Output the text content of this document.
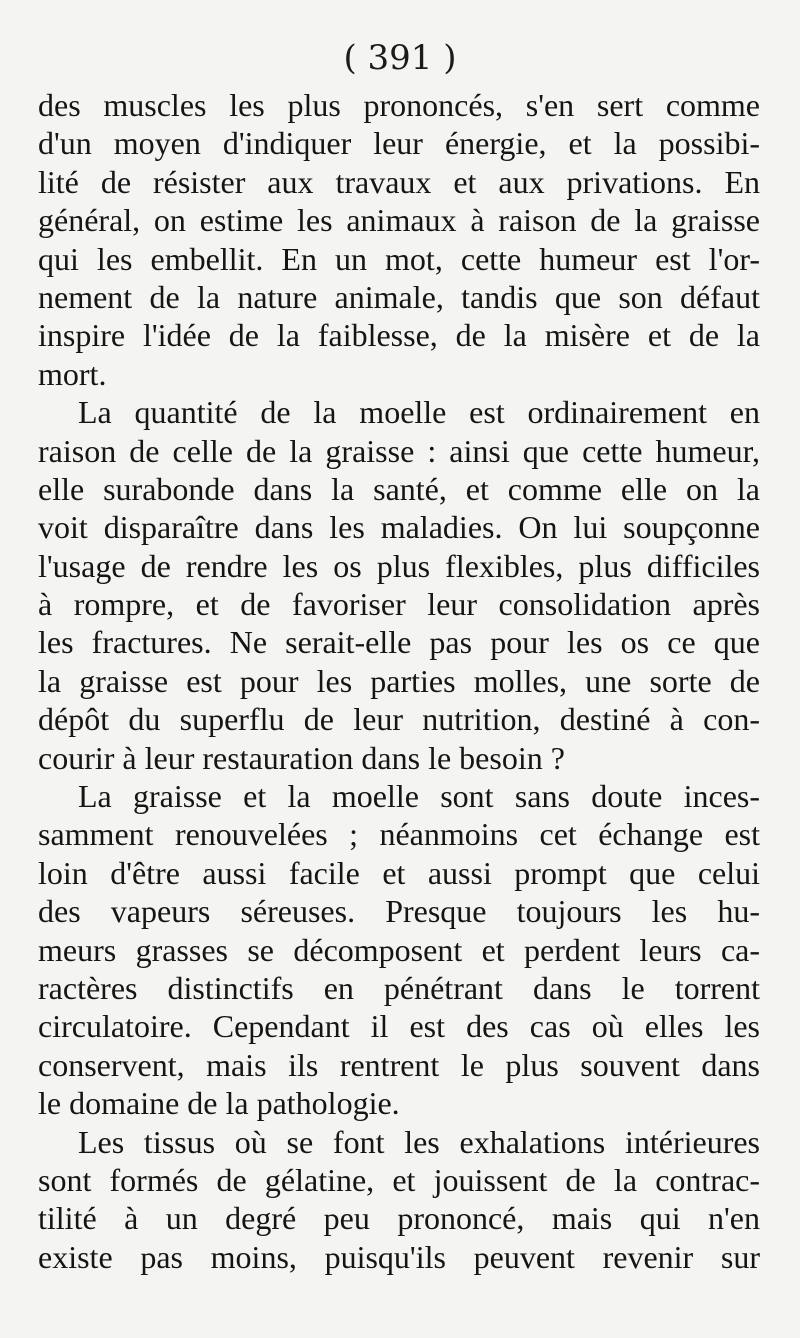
( 391 )
des muscles les plus prononcés, s'en sert comme
d'un moyen d'indiquer leur énergie, et la possibi-
lité de résister aux travaux et aux privations. En
général, on estime les animaux à raison de la graisse
qui les embellit. En un mot, cette humeur est l'or-
nement de la nature animale, tandis que son défaut
inspire l'idée de la faiblesse, de la misère et de la
mort.
La quantité de la moelle est ordinairement en
raison de celle de la graisse : ainsi que cette humeur,
elle surabonde dans la santé, et comme elle on la
voit disparaître dans les maladies. On lui soupçonne
l'usage de rendre les os plus flexibles, plus difficiles
à rompre, et de favoriser leur consolidation après
les fractures. Ne serait-elle pas pour les os ce que
la graisse est pour les parties molles, une sorte de
dépôt du superflu de leur nutrition, destiné à con-
courir à leur restauration dans le besoin ?
La graisse et la moelle sont sans doute inces-
samment renouvelées ; néanmoins cet échange est
loin d'être aussi facile et aussi prompt que celui
des vapeurs séreuses. Presque toujours les hu-
meurs grasses se décomposent et perdent leurs ca-
ractères distinctifs en pénétrant dans le torrent
circulatoire. Cependant il est des cas où elles les
conservent, mais ils rentrent le plus souvent dans
le domaine de la pathologie.
Les tissus où se font les exhalations intérieures
sont formés de gélatine, et jouissent de la contrac-
tilité à un degré peu prononcé, mais qui n'en
existe pas moins, puisqu'ils peuvent revenir sur
